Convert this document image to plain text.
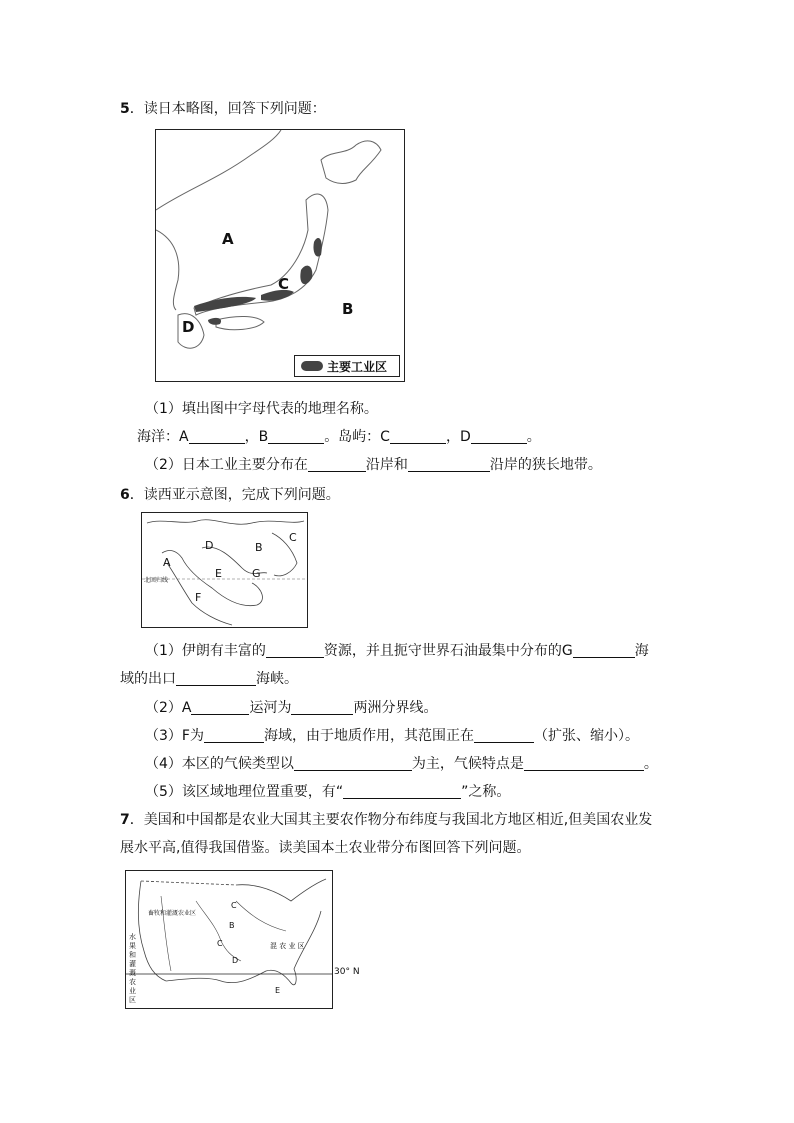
5．读日本略图，回答下列问题：
A
B
C
D
主要工业区
（1）填出图中字母代表的地理名称。
海洋：A	，B	。岛屿：C	，D	。
（2）日本工业主要分布在	沿岸和	沿岸的狭长地带。
6．读西亚示意图，完成下列问题。
D	B
C
A
E	G
F
北回归线
（1）伊朗有丰富的	资源，并且扼守世界石油最集中分布的G	海
域的出口	海峡。
（2）A	运河为	两洲分界线。
（3）F为	海域，由于地质作用，其范围正在	（扩张、缩小）。
（4）本区的气候类型以	为主，气候特点是	。
（5）该区域地理位置重要，有“	”之称。
7．美国和中国都是农业大国其主要农作物分布纬度与我国北方地区相近,但美国农业发
展水平高,值得我国借鉴。读美国本土农业带分布图回答下列问题。
畜牧和灌溉农业区
水果和灌溉农业区
C
B
C
D
混 农 业 区
E
30° N
